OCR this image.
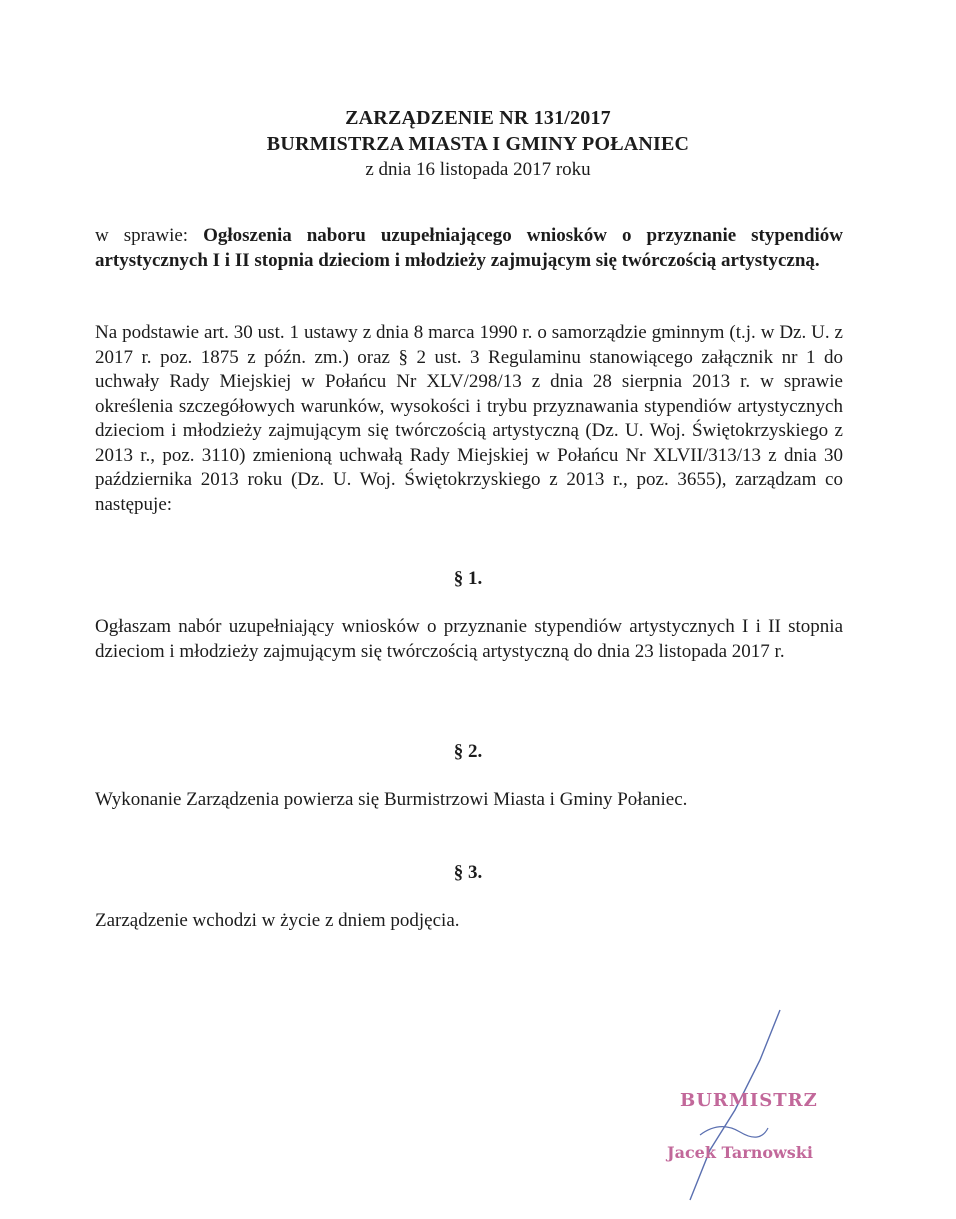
ZARZĄDZENIE NR 131/2017
BURMISTRZA MIASTA I GMINY POŁANIEC
z dnia 16 listopada 2017 roku
w sprawie: Ogłoszenia naboru uzupełniającego wniosków o przyznanie stypendiów artystycznych I i II stopnia dzieciom i młodzieży zajmującym się twórczością artystyczną.
Na podstawie art. 30 ust. 1 ustawy z dnia 8 marca 1990 r. o samorządzie gminnym (t.j. w Dz. U. z 2017 r. poz. 1875 z późn. zm.) oraz § 2 ust. 3 Regulaminu stanowiącego załącznik nr 1 do uchwały Rady Miejskiej w Połańcu Nr XLV/298/13 z dnia 28 sierpnia 2013 r. w sprawie określenia szczegółowych warunków, wysokości i trybu przyznawania stypendiów artystycznych dzieciom i młodzieży zajmującym się twórczością artystyczną (Dz. U. Woj. Świętokrzyskiego z 2013 r., poz. 3110) zmienioną uchwałą Rady Miejskiej w Połańcu Nr XLVII/313/13 z dnia 30 października 2013 roku (Dz. U. Woj. Świętokrzyskiego z 2013 r., poz. 3655), zarządzam co następuje:
§ 1.
Ogłaszam nabór uzupełniający wniosków o przyznanie stypendiów artystycznych I i II stopnia dzieciom i młodzieży zajmującym się twórczością artystyczną do dnia 23 listopada 2017 r.
§ 2.
Wykonanie Zarządzenia powierza się Burmistrzowi Miasta i Gminy Połaniec.
§ 3.
Zarządzenie wchodzi w życie z dniem podjęcia.
BURMISTRZ
Jacek Tarnowski
